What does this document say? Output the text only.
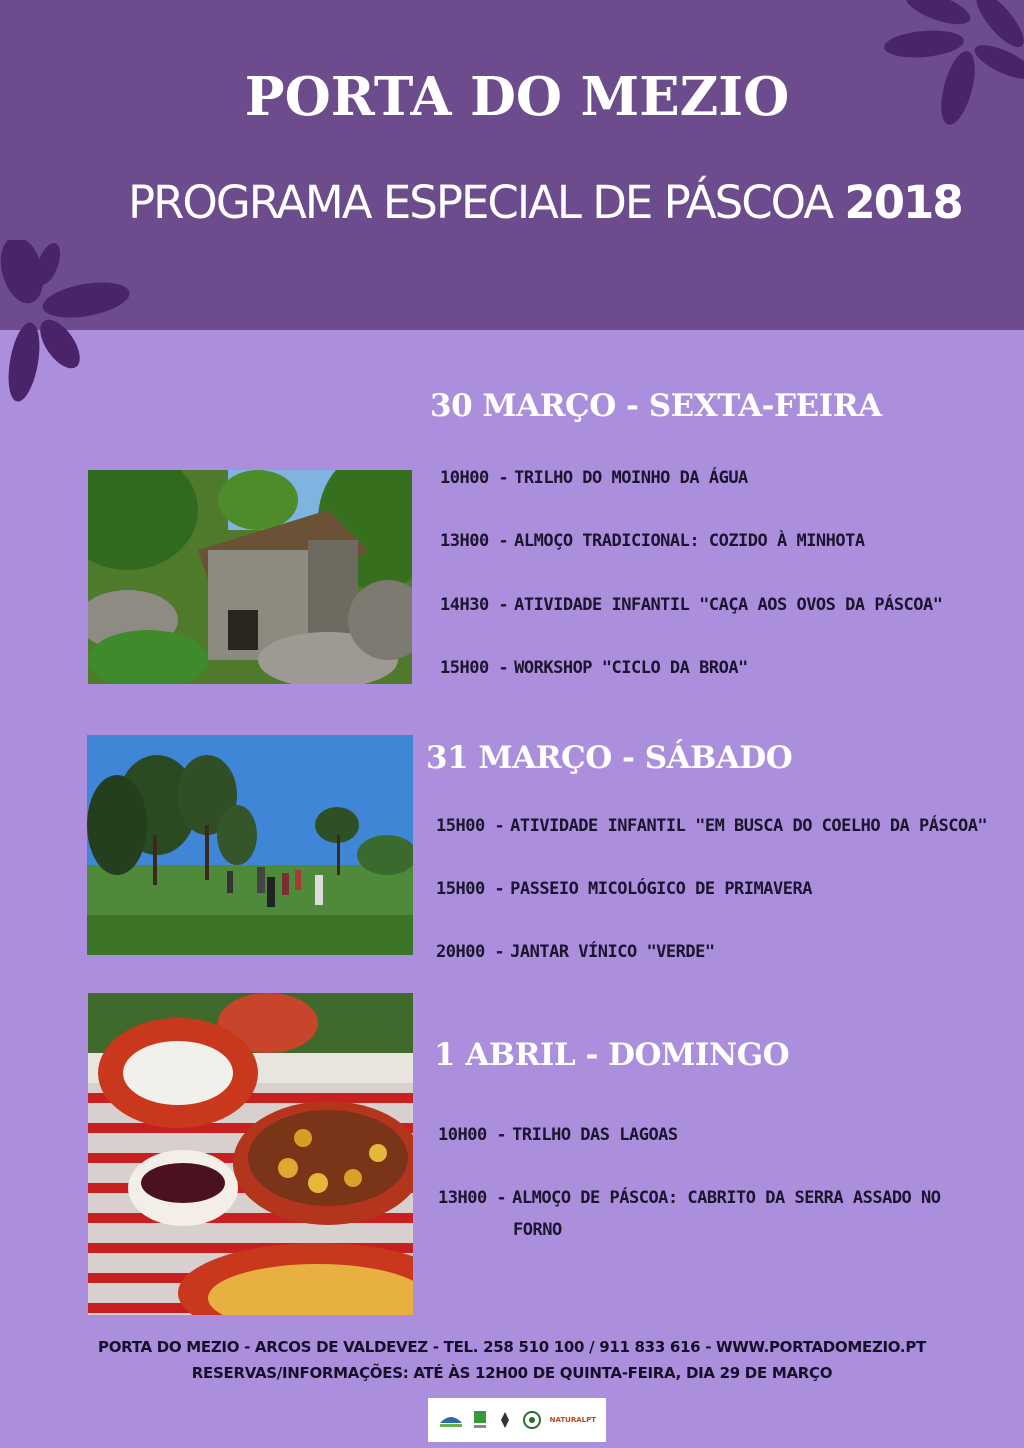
PORTA DO MEZIO
PROGRAMA ESPECIAL DE PÁSCOA 2018
30 MARÇO - SEXTA-FEIRA
10H00 - TRILHO DO MOINHO DA ÁGUA
13H00 - ALMOÇO TRADICIONAL: COZIDO À MINHOTA
14H30 - ATIVIDADE INFANTIL "CAÇA AOS OVOS DA PÁSCOA"
15H00 - WORKSHOP "CICLO DA BROA"
31 MARÇO - SÁBADO
15H00 - ATIVIDADE INFANTIL "EM BUSCA DO COELHO DA PÁSCOA"
15H00 - PASSEIO MICOLÓGICO DE PRIMAVERA
20H00 - JANTAR VÍNICO "VERDE"
1 ABRIL - DOMINGO
10H00 - TRILHO DAS LAGOAS
13H00 - ALMOÇO DE PÁSCOA: CABRITO DA SERRA ASSADO NO
FORNO
PORTA DO MEZIO - ARCOS DE VALDEVEZ - TEL. 258 510 100 / 911 833 616 - WWW.PORTADOMEZIO.PT
RESERVAS/INFORMAÇÕES: ATÉ ÀS 12H00 DE QUINTA-FEIRA, DIA 29 DE MARÇO
NATURALPT
